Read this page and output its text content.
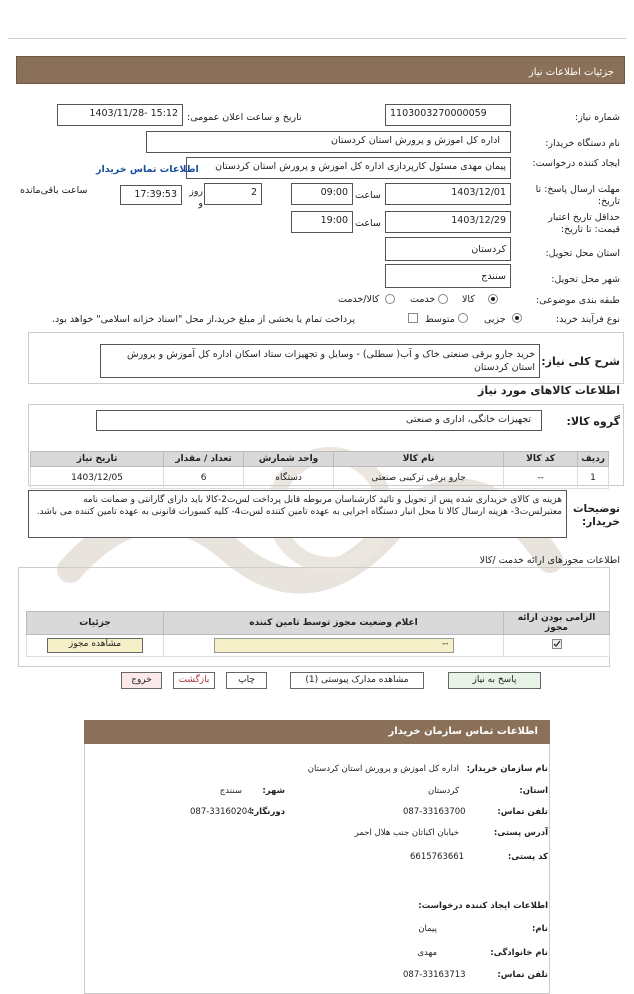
جزئیات اطلاعات نیاز
شماره نیاز:
1103003270000059
تاریخ و ساعت اعلان عمومی:
1403/11/28- 15:12
نام دستگاه خریدار:
اداره کل اموزش و پرورش استان کردستان
ایجاد کننده درخواست:
پیمان مهدی مسئول کارپردازی اداره کل اموزش و پرورش استان کردستان
اطلاعات تماس خریدار
مهلت ارسال پاسخ: تا تاریخ:
1403/12/01
ساعت
09:00
2
روز و
17:39:53
ساعت باقی‌مانده
حداقل تاریخ اعتبار قیمت: تا تاریخ:
1403/12/29
ساعت
19:00
استان محل تحویل:
کردستان
شهر محل تحویل:
سنندج
طبقه بندی موضوعی:
کالا
خدمت
کالا/خدمت
نوع فرآیند خرید:
جزیی
متوسط
پرداخت تمام یا بخشی از مبلغ خرید،از محل "اسناد خزانه اسلامی" خواهد بود.
شرح کلی نیاز:
خرید جارو برقی صنعتی خاک و آب( سطلی) - وسایل و تجهیزات ستاد اسکان اداره کل آموزش و پرورش استان کردستان
اطلاعات کالاهای مورد نیاز
گروه کالا:
تجهیزات خانگی، اداری و صنعتی
ردیف	کد کالا	نام کالا	واحد شمارش	تعداد / مقدار	تاریخ نیاز
1	--	جارو برقی ترکیبی صنعتی	دستگاه	6	1403/12/05
توضیحات خریدار:
هزینه ی کالای خریداری شده پس از تحویل و تائید کارشناسان مربوطه قابل پرداخت لس‌ت2-کالا باید دارای گارانتی و ضمانت نامه معتبرلس‌ت3- هزینه ارسال کالا تا محل انبار دستگاه اجرایی به عهده تامین کننده لس‌ت4- کلیه کسورات قانونی به عهده تامین کننده می باشد.
اطلاعات مجوزهای ارائه خدمت /کالا
الزامی بودن ارائه مجوز	اعلام وضعیت مجوز توسط تامین کننده	جزئیات

--	مشاهده مجوز
پاسخ به نیاز
مشاهده مدارک پیوستی (1)
چاپ
بازگشت
خروج
اطلاعات تماس سازمان خریدار
نام سازمان خریدار:
اداره کل اموزش و پرورش استان کردستان
استان:
کردستان
شهر:
سنندج
تلفن تماس:
087-33163700
دورنگار:
087-33160204
آدرس پستی:
خیابان اکباتان جنب هلال احمر
کد پستی:
6615763661
اطلاعات ایجاد کننده درخواست:
نام:
پیمان
نام خانوادگی:
مهدی
تلفن تماس:
087-33163713
